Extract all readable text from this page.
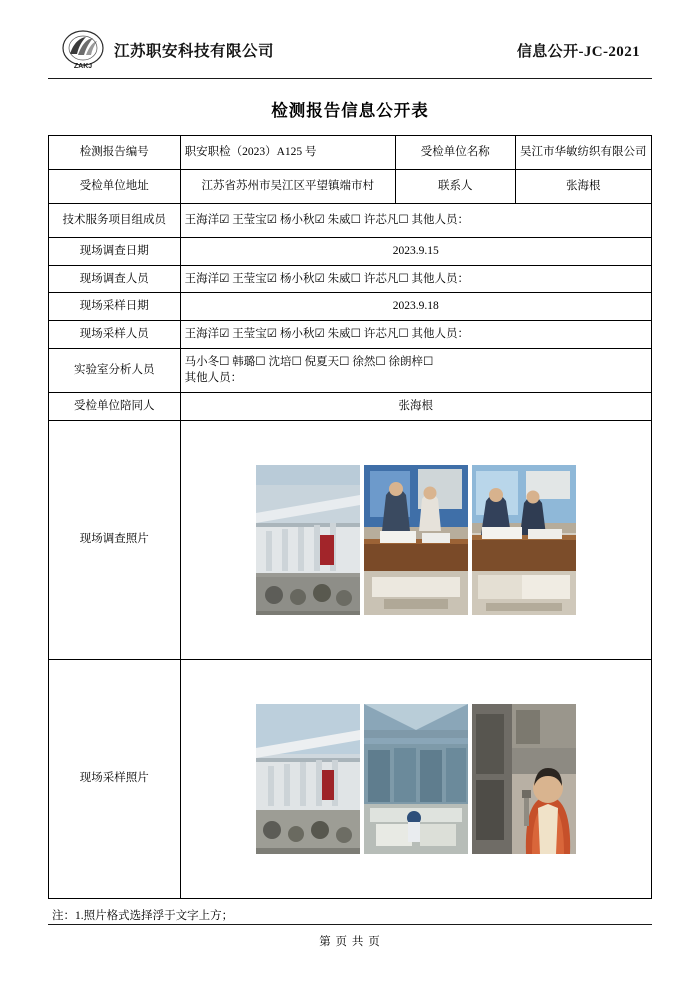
ZAKJ
江苏职安科技有限公司	信息公开-JC-2021
检测报告信息公开表
检测报告编号	职安职检（2023）A125 号	受检单位名称	吴江市华敏纺织有限公司
受检单位地址	江苏省苏州市吴江区平望镇端市村	联系人	张海根
技术服务项目组成员	王海洋☑ 王莹宝☑ 杨小秋☑ 朱威☐ 许芯凡☐ 其他人员：		
现场调查日期	2023.9.15		
现场调查人员	王海洋☑ 王莹宝☑ 杨小秋☑ 朱威☐ 许芯凡☐ 其他人员：		
现场采样日期	2023.9.18		
现场采样人员	王海洋☑ 王莹宝☑ 杨小秋☑ 朱威☐ 许芯凡☐ 其他人员：		
实验室分析人员	马小冬☐ 韩璐☐ 沈培☐ 倪夏天☐ 徐然☐ 徐朗梓☐
其他人员：		

受检单位陪同人	张海根		
现场调查照片	

现场采样照片	
注：1.照片格式选择浮于文字上方；
第 页 共 页
